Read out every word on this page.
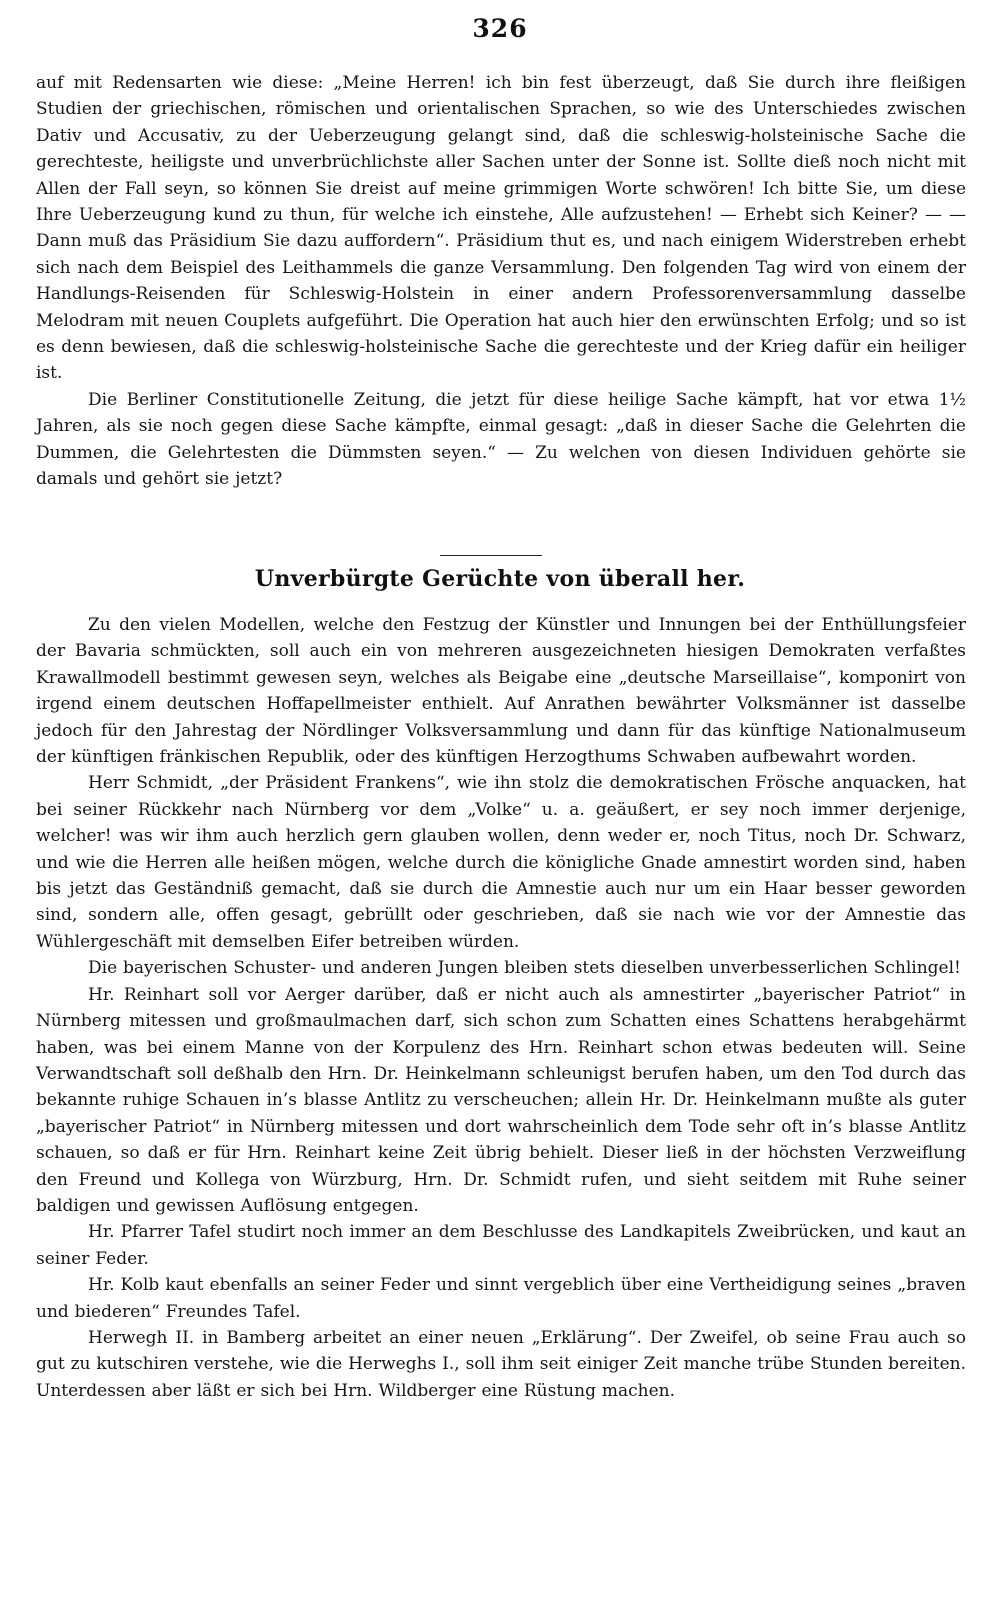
326

auf mit Redensarten wie diese: „Meine Herren! ich bin fest überzeugt, daß Sie durch ihre fleißigen Studien der griechischen, römischen und orientalischen Sprachen, so wie des Unterschiedes zwischen Dativ und Accusativ, zu der Ueberzeugung gelangt sind, daß die schleswig-holsteinische Sache die gerechteste, heiligste und unverbrüchlichste aller Sachen unter der Sonne ist. Sollte dieß noch nicht mit Allen der Fall seyn, so können Sie dreist auf meine grimmigen Worte schwören! Ich bitte Sie, um diese Ihre Ueberzeugung kund zu thun, für welche ich einstehe, Alle aufzustehen! — Erhebt sich Keiner? — — Dann muß das Präsidium Sie dazu auffordern“. Präsidium thut es, und nach einigem Widerstreben erhebt sich nach dem Beispiel des Leithammels die ganze Versammlung. Den folgenden Tag wird von einem der Handlungs-Reisenden für Schleswig-Holstein in einer andern Professorenversammlung dasselbe Melodram mit neuen Couplets aufgeführt. Die Operation hat auch hier den erwünschten Erfolg; und so ist es denn bewiesen, daß die schleswig-holsteinische Sache die gerechteste und der Krieg dafür ein heiliger ist.

Die Berliner Constitutionelle Zeitung, die jetzt für diese heilige Sache kämpft, hat vor etwa 1½ Jahren, als sie noch gegen diese Sache kämpfte, einmal gesagt: „daß in dieser Sache die Gelehrten die Dummen, die Gelehrtesten die Dümmsten seyen.“ — Zu welchen von diesen Individuen gehörte sie damals und gehört sie jetzt?

Unverbürgte Gerüchte von überall her.

Zu den vielen Modellen, welche den Festzug der Künstler und Innungen bei der Enthüllungsfeier der Bavaria schmückten, soll auch ein von mehreren ausgezeichneten hiesigen Demokraten verfaßtes Krawallmodell bestimmt gewesen seyn, welches als Beigabe eine „deutsche Marseillaise“, komponirt von irgend einem deutschen Hoffapellmeister enthielt. Auf Anrathen bewährter Volksmänner ist dasselbe jedoch für den Jahrestag der Nördlinger Volksversammlung und dann für das künftige Nationalmuseum der künftigen fränkischen Republik, oder des künftigen Herzogthums Schwaben aufbewahrt worden.

Herr Schmidt, „der Präsident Frankens“, wie ihn stolz die demokratischen Frösche anquacken, hat bei seiner Rückkehr nach Nürnberg vor dem „Volke“ u. a. geäußert, er sey noch immer derjenige, welcher! was wir ihm auch herzlich gern glauben wollen, denn weder er, noch Titus, noch Dr. Schwarz, und wie die Herren alle heißen mögen, welche durch die königliche Gnade amnestirt worden sind, haben bis jetzt das Geständniß gemacht, daß sie durch die Amnestie auch nur um ein Haar besser geworden sind, sondern alle, offen gesagt, gebrüllt oder geschrieben, daß sie nach wie vor der Amnestie das Wühlergeschäft mit demselben Eifer betreiben würden.

Die bayerischen Schuster- und anderen Jungen bleiben stets dieselben unverbesserlichen Schlingel!

Hr. Reinhart soll vor Aerger darüber, daß er nicht auch als amnestirter „bayerischer Patriot“ in Nürnberg mitessen und großmaulmachen darf, sich schon zum Schatten eines Schattens herabgehärmt haben, was bei einem Manne von der Korpulenz des Hrn. Reinhart schon etwas bedeuten will. Seine Verwandtschaft soll deßhalb den Hrn. Dr. Heinkelmann schleunigst berufen haben, um den Tod durch das bekannte ruhige Schauen in’s blasse Antlitz zu verscheuchen; allein Hr. Dr. Heinkelmann mußte als guter „bayerischer Patriot“ in Nürnberg mitessen und dort wahrscheinlich dem Tode sehr oft in’s blasse Antlitz schauen, so daß er für Hrn. Reinhart keine Zeit übrig behielt. Dieser ließ in der höchsten Verzweiflung den Freund und Kollega von Würzburg, Hrn. Dr. Schmidt rufen, und sieht seitdem mit Ruhe seiner baldigen und gewissen Auflösung entgegen.

Hr. Pfarrer Tafel studirt noch immer an dem Beschlusse des Landkapitels Zweibrücken, und kaut an seiner Feder.

Hr. Kolb kaut ebenfalls an seiner Feder und sinnt vergeblich über eine Vertheidigung seines „braven und biederen“ Freundes Tafel.

Herwegh II. in Bamberg arbeitet an einer neuen „Erklärung“. Der Zweifel, ob seine Frau auch so gut zu kutschiren verstehe, wie die Herweghs I., soll ihm seit einiger Zeit manche trübe Stunden bereiten. Unterdessen aber läßt er sich bei Hrn. Wildberger eine Rüstung machen.
